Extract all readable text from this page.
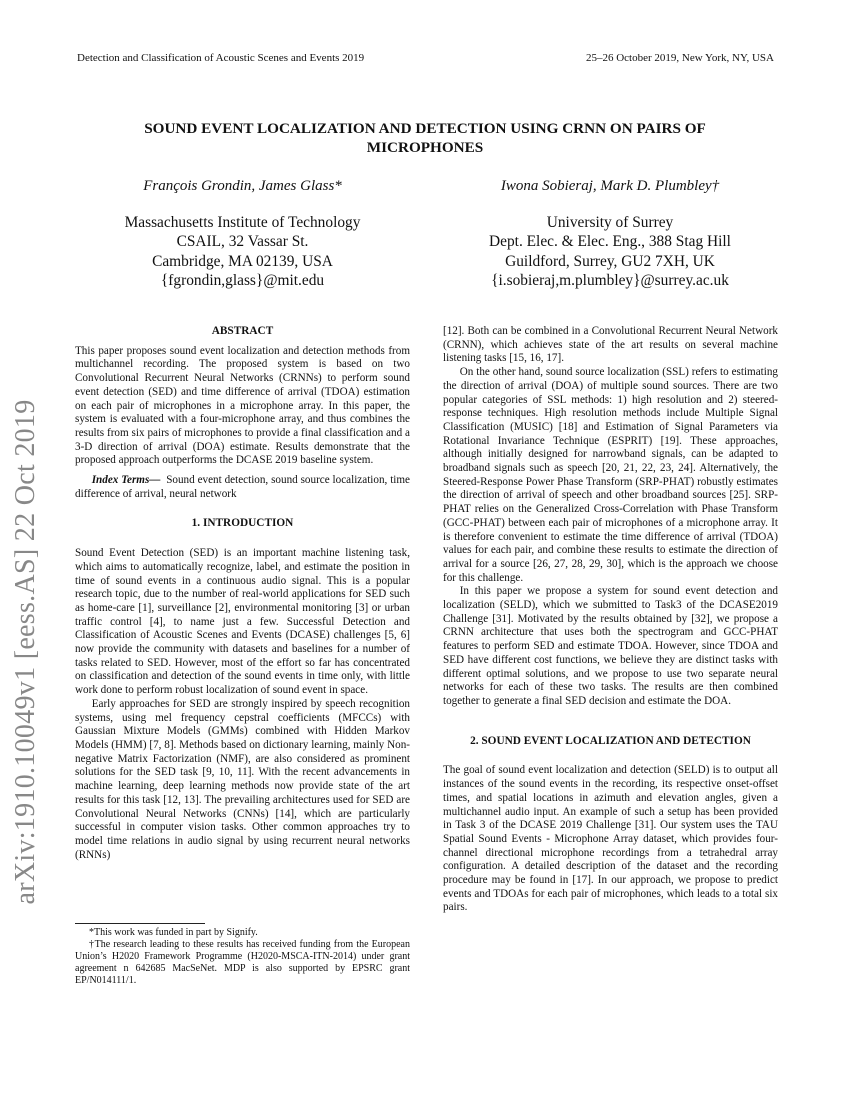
Detection and Classification of Acoustic Scenes and Events 2019	25–26 October 2019, New York, NY, USA
arXiv:1910.10049v1 [eess.AS] 22 Oct 2019
SOUND EVENT LOCALIZATION AND DETECTION USING CRNN ON PAIRS OF
MICROPHONES
François Grondin, James Glass*	Iwona Sobieraj, Mark D. Plumbley†
Massachusetts Institute of Technology
CSAIL, 32 Vassar St.
Cambridge, MA 02139, USA
{fgrondin,glass}@mit.edu
University of Surrey
Dept. Elec. & Elec. Eng., 388 Stag Hill
Guildford, Surrey, GU2 7XH, UK
{i.sobieraj,m.plumbley}@surrey.ac.uk

ABSTRACT

This paper proposes sound event localization and detection methods from multichannel recording. The proposed system is based on two Convolutional Recurrent Neural Networks (CRNNs) to perform sound event detection (SED) and time difference of arrival (TDOA) estimation on each pair of microphones in a microphone array. In this paper, the system is evaluated with a four-microphone array, and thus combines the results from six pairs of microphones to provide a final classification and a 3-D direction of arrival (DOA) estimate. Results demonstrate that the proposed approach outperforms the DCASE 2019 baseline system.

Index Terms— Sound event detection, sound source localization, time difference of arrival, neural network

1. INTRODUCTION

Sound Event Detection (SED) is an important machine listening task, which aims to automatically recognize, label, and estimate the position in time of sound events in a continuous audio signal. This is a popular research topic, due to the number of real-world applications for SED such as home-care [1], surveillance [2], environmental monitoring [3] or urban traffic control [4], to name just a few. Successful Detection and Classification of Acoustic Scenes and Events (DCASE) challenges [5, 6] now provide the community with datasets and baselines for a number of tasks related to SED. However, most of the effort so far has concentrated on classification and detection of the sound events in time only, with little work done to perform robust localization of sound event in space.

Early approaches for SED are strongly inspired by speech recognition systems, using mel frequency cepstral coefficients (MFCCs) with Gaussian Mixture Models (GMMs) combined with Hidden Markov Models (HMM) [7, 8]. Methods based on dictionary learning, mainly Non-negative Matrix Factorization (NMF), are also considered as prominent solutions for the SED task [9, 10, 11]. With the recent advancements in machine learning, deep learning methods now provide state of the art results for this task [12, 13]. The prevailing architectures used for SED are Convolutional Neural Networks (CNNs) [14], which are particularly successful in computer vision tasks. Other common approaches try to model time relations in audio signal by using recurrent neural networks (RNNs)

*This work was funded in part by Signify.

†The research leading to these results has received funding from the European Union’s H2020 Framework Programme (H2020-MSCA-ITN-2014) under grant agreement n 642685 MacSeNet. MDP is also supported by EPSRC grant EP/N014111/1.

[12]. Both can be combined in a Convolutional Recurrent Neural Network (CRNN), which achieves state of the art results on several machine listening tasks [15, 16, 17].

On the other hand, sound source localization (SSL) refers to estimating the direction of arrival (DOA) of multiple sound sources. There are two popular categories of SSL methods: 1) high resolution and 2) steered-response techniques. High resolution methods include Multiple Signal Classification (MUSIC) [18] and Estimation of Signal Parameters via Rotational Invariance Technique (ESPRIT) [19]. These approaches, although initially designed for narrowband signals, can be adapted to broadband signals such as speech [20, 21, 22, 23, 24]. Alternatively, the Steered-Response Power Phase Transform (SRP-PHAT) robustly estimates the direction of arrival of speech and other broadband sources [25]. SRP-PHAT relies on the Generalized Cross-Correlation with Phase Transform (GCC-PHAT) between each pair of microphones of a microphone array. It is therefore convenient to estimate the time difference of arrival (TDOA) values for each pair, and combine these results to estimate the direction of arrival for a source [26, 27, 28, 29, 30], which is the approach we choose for this challenge.

In this paper we propose a system for sound event detection and localization (SELD), which we submitted to Task3 of the DCASE2019 Challenge [31]. Motivated by the results obtained by [32], we propose a CRNN architecture that uses both the spectrogram and GCC-PHAT features to perform SED and estimate TDOA. However, since TDOA and SED have different cost functions, we believe they are distinct tasks with different optimal solutions, and we propose to use two separate neural networks for each of these two tasks. The results are then combined together to generate a final SED decision and estimate the DOA.

2. SOUND EVENT LOCALIZATION AND DETECTION

The goal of sound event localization and detection (SELD) is to output all instances of the sound events in the recording, its respective onset-offset times, and spatial locations in azimuth and elevation angles, given a multichannel audio input. An example of such a setup has been provided in Task 3 of the DCASE 2019 Challenge [31]. Our system uses the TAU Spatial Sound Events - Microphone Array dataset, which provides four-channel directional microphone recordings from a tetrahedral array configuration. A detailed description of the dataset and the recording procedure may be found in [17]. In our approach, we propose to predict events and TDOAs for each pair of microphones, which leads to a total six pairs.
